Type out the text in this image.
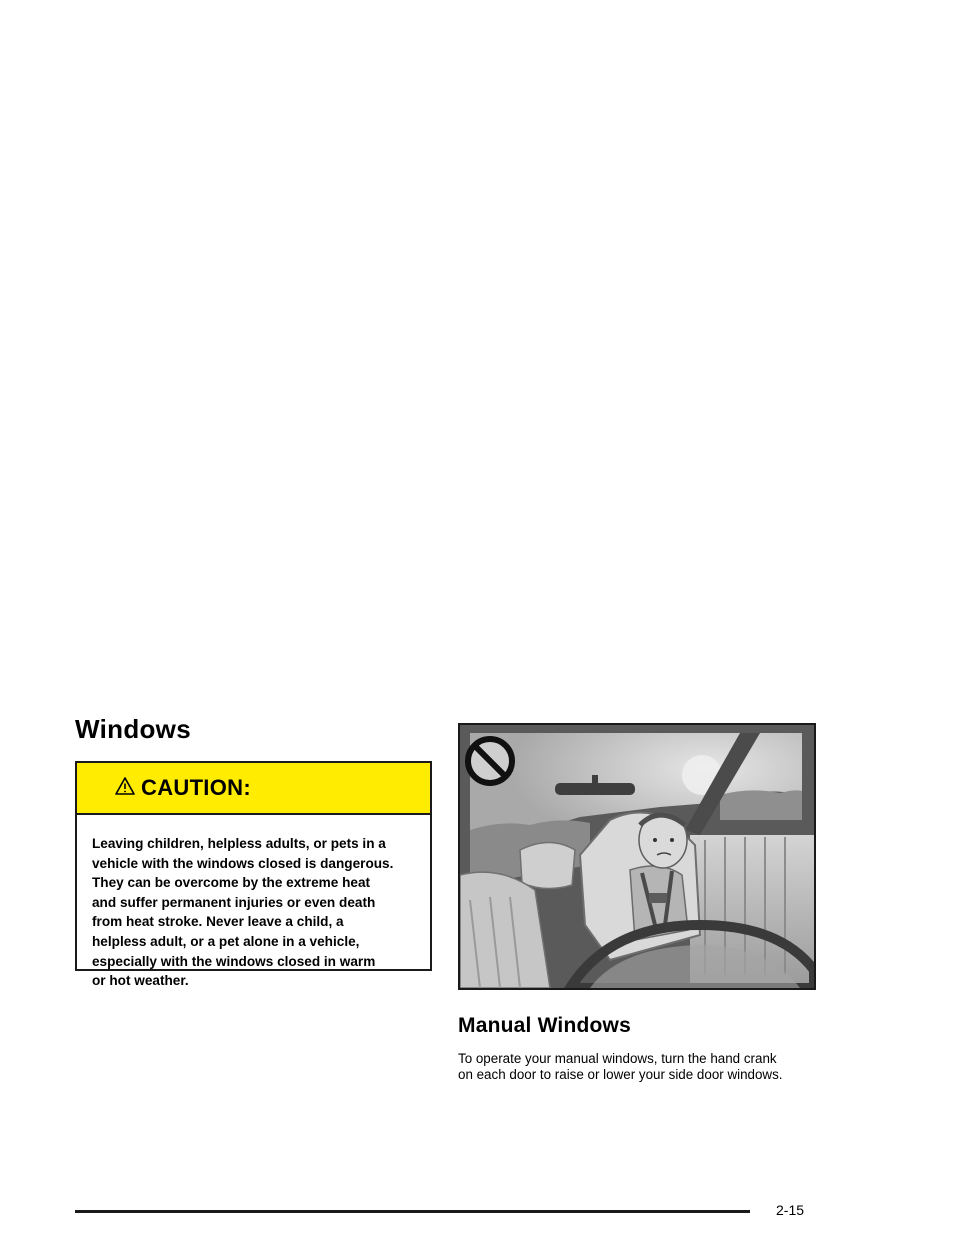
Windows
CAUTION:
Leaving children, helpless adults, or pets in a
vehicle with the windows closed is dangerous.
They can be overcome by the extreme heat
and suffer permanent injuries or even death
from heat stroke. Never leave a child, a
helpless adult, or a pet alone in a vehicle,
especially with the windows closed in warm
or hot weather.
Manual Windows
To operate your manual windows, turn the hand crank
on each door to raise or lower your side door windows.
2-15
